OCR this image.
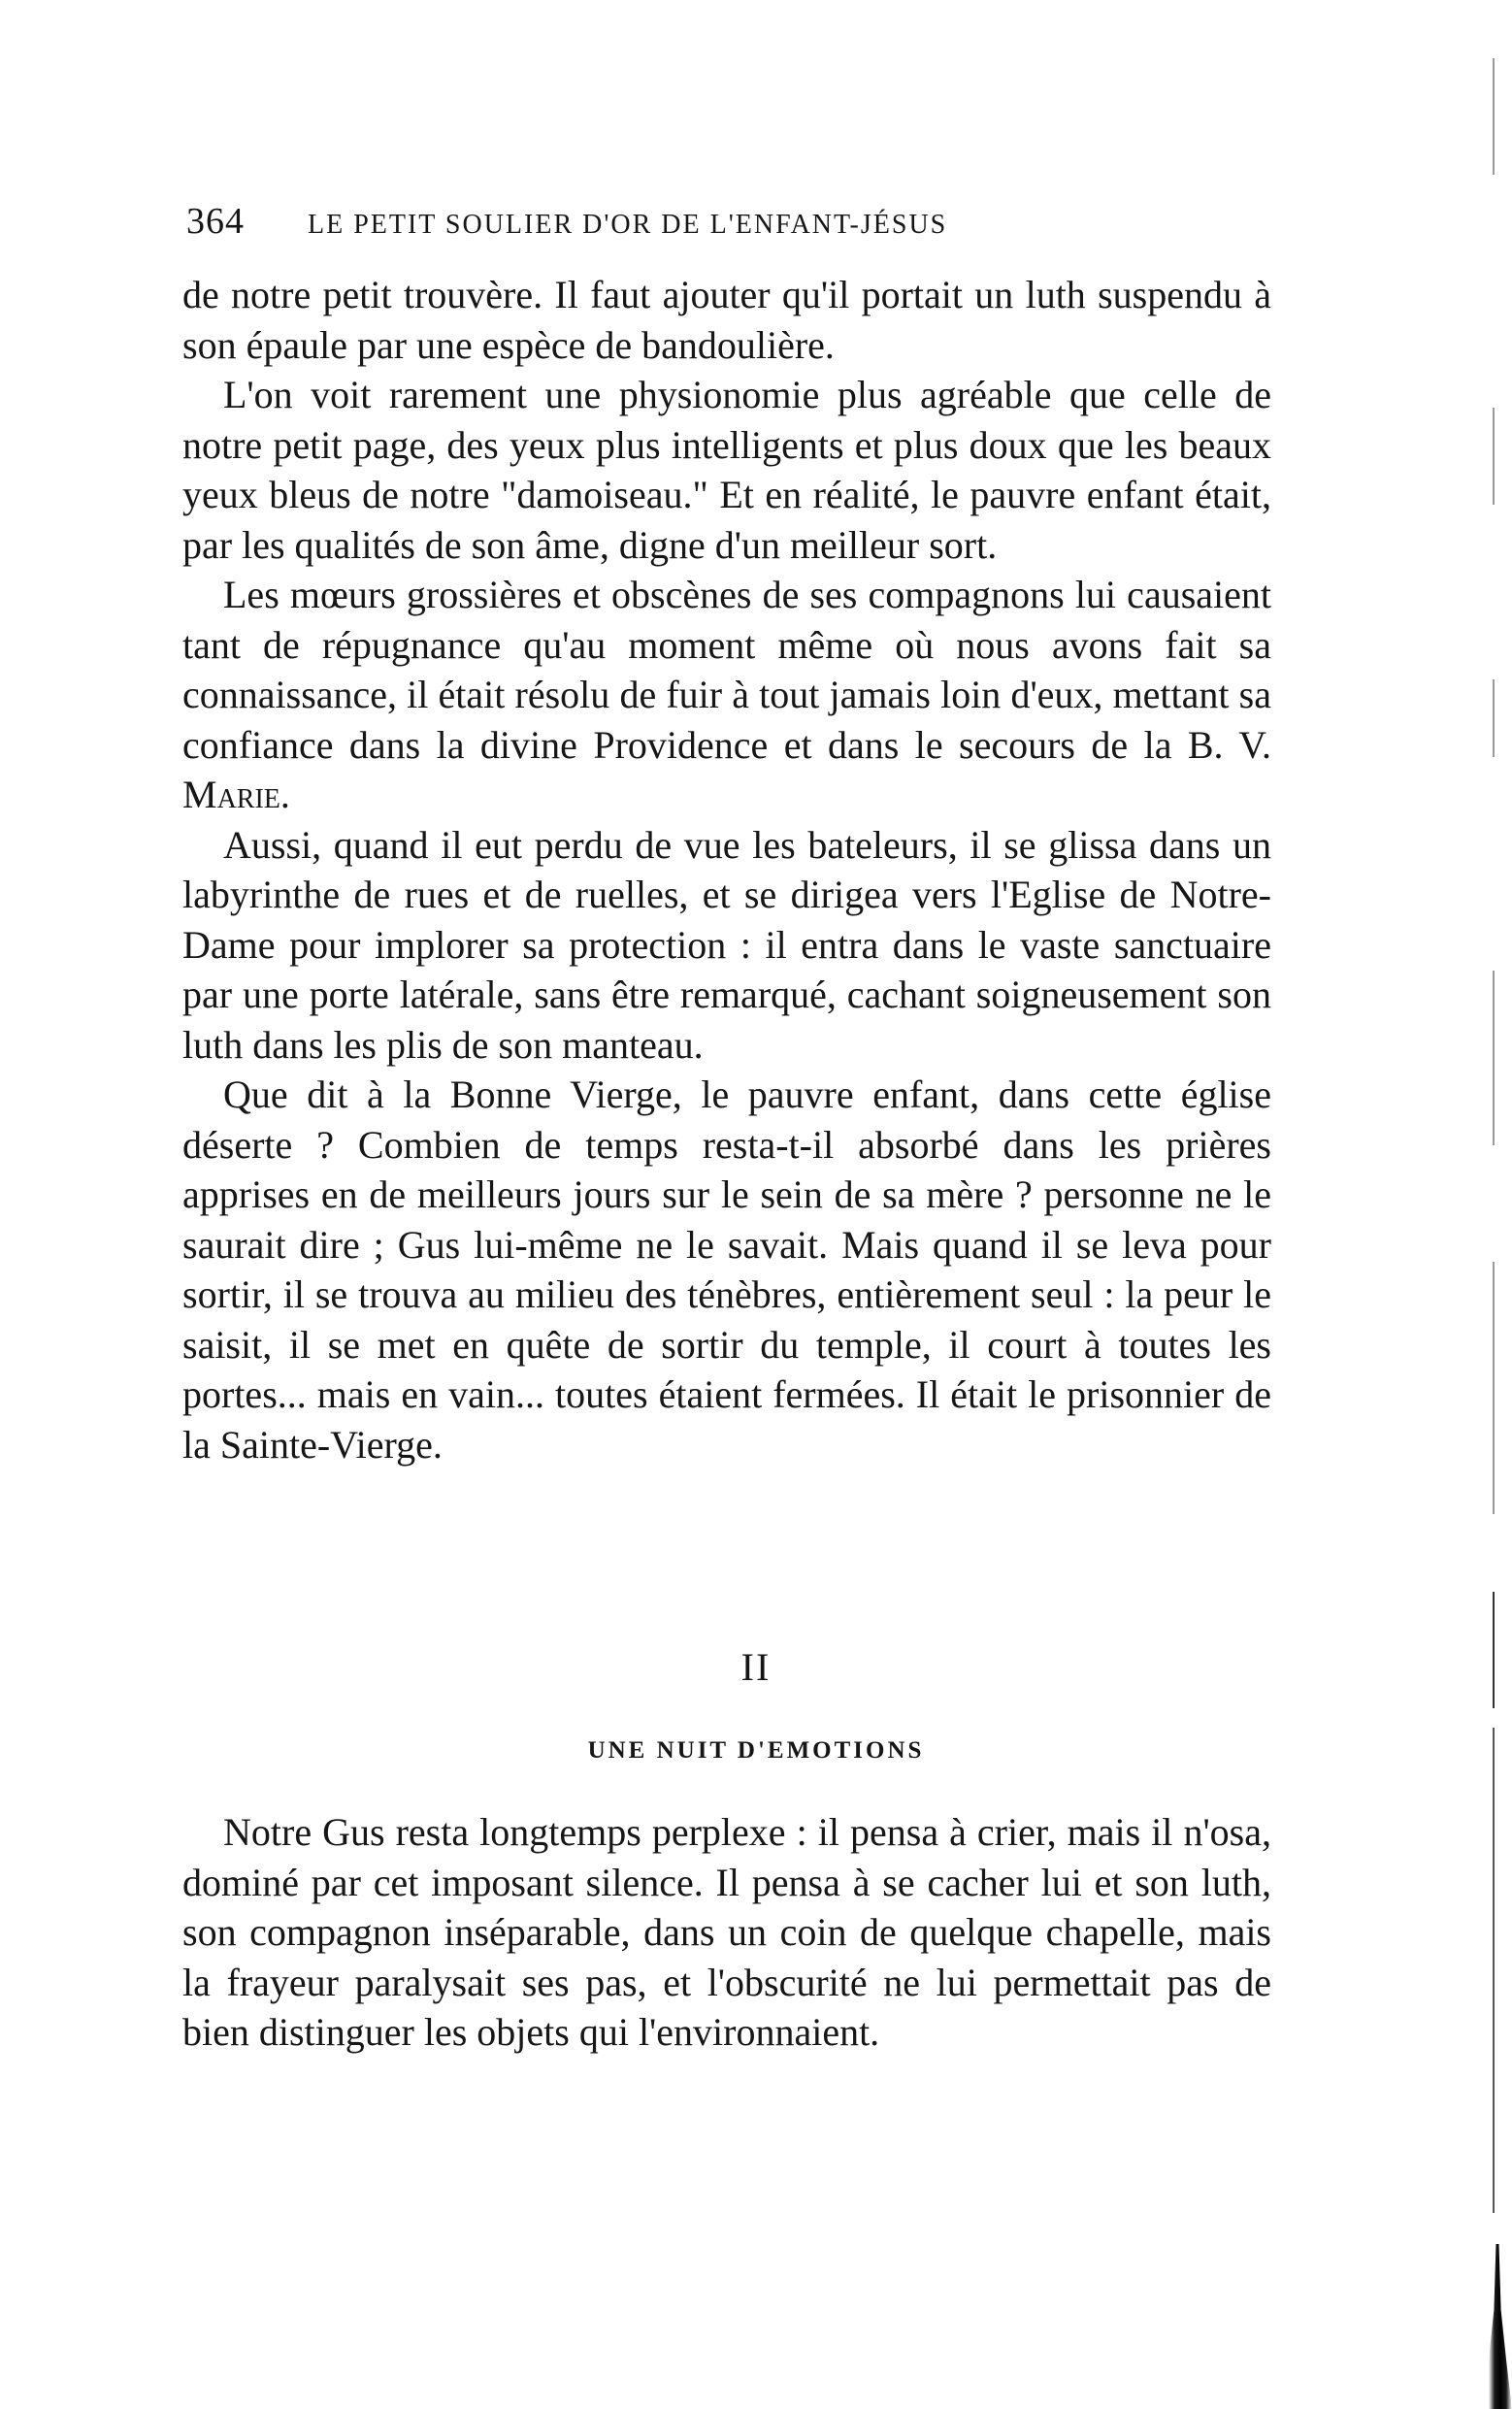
364 LE PETIT SOULIER D'OR DE L'ENFANT-JÉSUS

de notre petit trouvère. Il faut ajouter qu'il portait un luth suspendu à son épaule par une espèce de bandoulière.

L'on voit rarement une physionomie plus agréable que celle de notre petit page, des yeux plus intelligents et plus doux que les beaux yeux bleus de notre "damoiseau." Et en réalité, le pauvre enfant était, par les qualités de son âme, digne d'un meilleur sort.

Les mœurs grossières et obscènes de ses compagnons lui causaient tant de répugnance qu'au moment même où nous avons fait sa connaissance, il était résolu de fuir à tout jamais loin d'eux, mettant sa confiance dans la divine Providence et dans le secours de la B. V. Marie.

Aussi, quand il eut perdu de vue les bateleurs, il se glissa dans un labyrinthe de rues et de ruelles, et se dirigea vers l'Eglise de Notre-Dame pour implorer sa protection : il entra dans le vaste sanctuaire par une porte latérale, sans être remarqué, cachant soigneusement son luth dans les plis de son manteau.

Que dit à la Bonne Vierge, le pauvre enfant, dans cette église déserte ? Combien de temps resta-t-il absorbé dans les prières apprises en de meilleurs jours sur le sein de sa mère ? personne ne le saurait dire ; Gus lui-même ne le savait. Mais quand il se leva pour sortir, il se trouva au milieu des ténèbres, entièrement seul : la peur le saisit, il se met en quête de sortir du temple, il court à toutes les portes... mais en vain... toutes étaient fermées. Il était le prisonnier de la Sainte-Vierge.

II
UNE NUIT D'EMOTIONS

Notre Gus resta longtemps perplexe : il pensa à crier, mais il n'osa, dominé par cet imposant silence. Il pensa à se cacher lui et son luth, son compagnon inséparable, dans un coin de quelque chapelle, mais la frayeur paralysait ses pas, et l'obscurité ne lui permettait pas de bien distinguer les objets qui l'environnaient.
